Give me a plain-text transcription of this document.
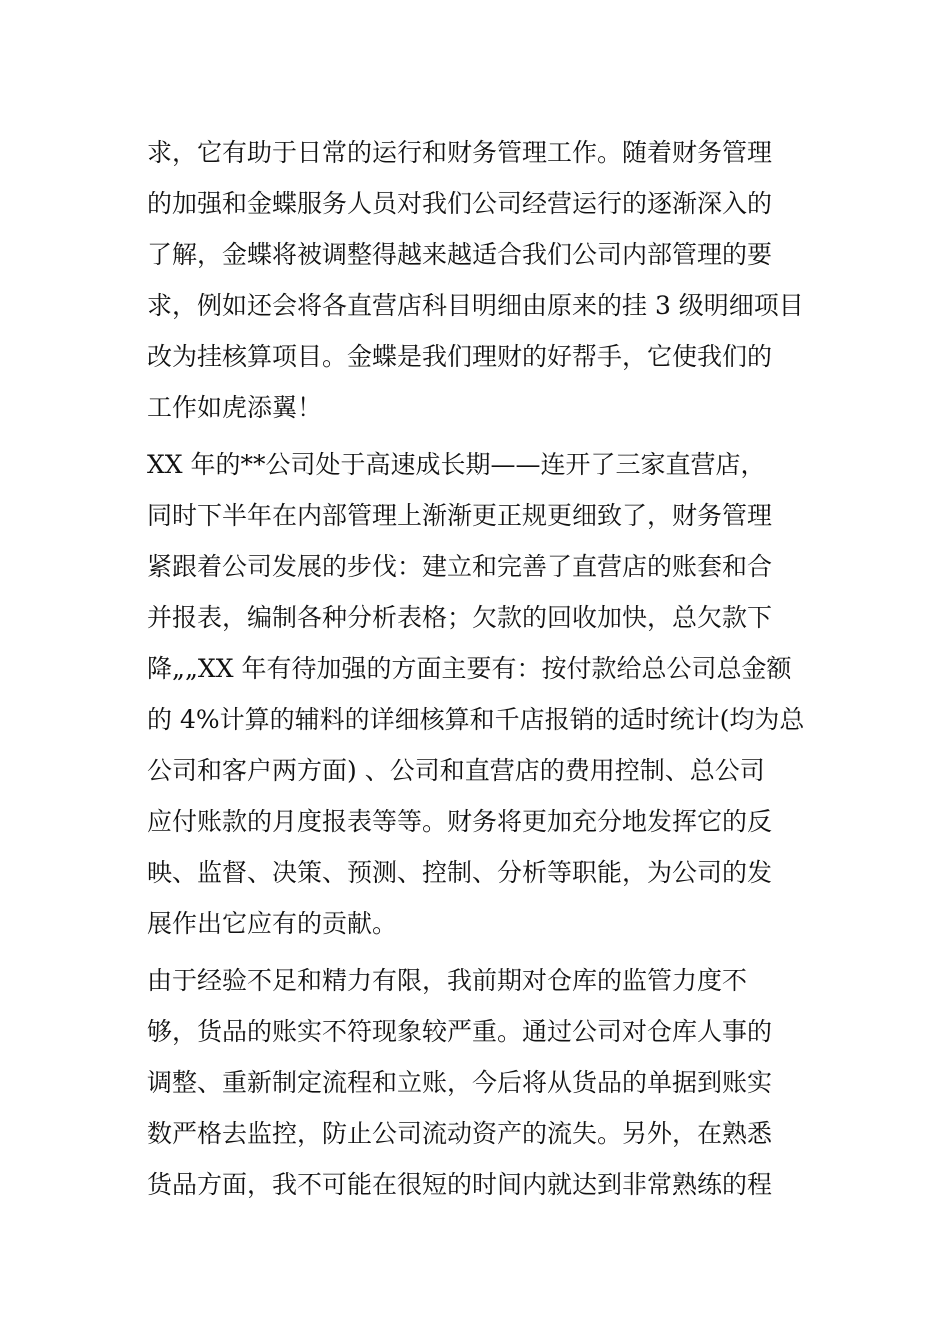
求，它有助于日常的运行和财务管理工作。随着财务管理
的加强和金蝶服务人员对我们公司经营运行的逐渐深入的
了解，金蝶将被调整得越来越适合我们公司内部管理的要
求，例如还会将各直营店科目明细由原来的挂 3 级明细项目
改为挂核算项目。金蝶是我们理财的好帮手，它使我们的
工作如虎添翼！
XX 年的**公司处于高速成长期——连开了三家直营店，
同时下半年在内部管理上渐渐更正规更细致了，财务管理
紧跟着公司发展的步伐：建立和完善了直营店的账套和合
并报表，编制各种分析表格；欠款的回收加快，总欠款下
降„„XX 年有待加强的方面主要有：按付款给总公司总金额
的 4%计算的辅料的详细核算和千店报销的适时统计(均为总
公司和客户两方面) 、公司和直营店的费用控制、总公司
应付账款的月度报表等等。财务将更加充分地发挥它的反
映、监督、决策、预测、控制、分析等职能，为公司的发
展作出它应有的贡献。
由于经验不足和精力有限，我前期对仓库的监管力度不
够，货品的账实不符现象较严重。通过公司对仓库人事的
调整、重新制定流程和立账，今后将从货品的单据到账实
数严格去监控，防止公司流动资产的流失。另外，在熟悉
货品方面，我不可能在很短的时间内就达到非常熟练的程
